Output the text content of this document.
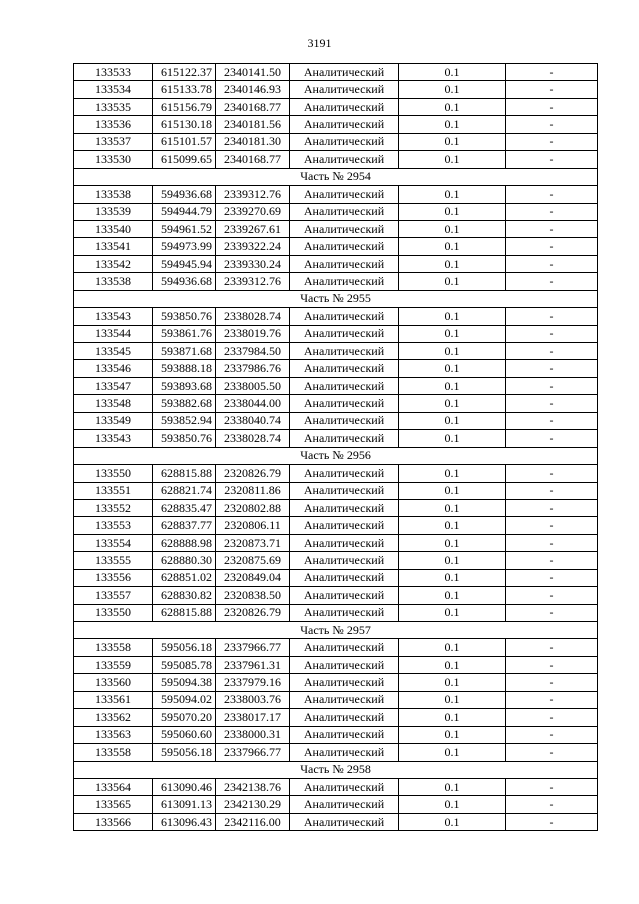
3191
133533	615122.37	2340141.50	Аналитический	0.1	-
133534	615133.78	2340146.93	Аналитический	0.1	-
133535	615156.79	2340168.77	Аналитический	0.1	-
133536	615130.18	2340181.56	Аналитический	0.1	-
133537	615101.57	2340181.30	Аналитический	0.1	-
133530	615099.65	2340168.77	Аналитический	0.1	-
Часть № 2954					
133538	594936.68	2339312.76	Аналитический	0.1	-
133539	594944.79	2339270.69	Аналитический	0.1	-
133540	594961.52	2339267.61	Аналитический	0.1	-
133541	594973.99	2339322.24	Аналитический	0.1	-
133542	594945.94	2339330.24	Аналитический	0.1	-
133538	594936.68	2339312.76	Аналитический	0.1	-
Часть № 2955					
133543	593850.76	2338028.74	Аналитический	0.1	-
133544	593861.76	2338019.76	Аналитический	0.1	-
133545	593871.68	2337984.50	Аналитический	0.1	-
133546	593888.18	2337986.76	Аналитический	0.1	-
133547	593893.68	2338005.50	Аналитический	0.1	-
133548	593882.68	2338044.00	Аналитический	0.1	-
133549	593852.94	2338040.74	Аналитический	0.1	-
133543	593850.76	2338028.74	Аналитический	0.1	-
Часть № 2956					
133550	628815.88	2320826.79	Аналитический	0.1	-
133551	628821.74	2320811.86	Аналитический	0.1	-
133552	628835.47	2320802.88	Аналитический	0.1	-
133553	628837.77	2320806.11	Аналитический	0.1	-
133554	628888.98	2320873.71	Аналитический	0.1	-
133555	628880.30	2320875.69	Аналитический	0.1	-
133556	628851.02	2320849.04	Аналитический	0.1	-
133557	628830.82	2320838.50	Аналитический	0.1	-
133550	628815.88	2320826.79	Аналитический	0.1	-
Часть № 2957					
133558	595056.18	2337966.77	Аналитический	0.1	-
133559	595085.78	2337961.31	Аналитический	0.1	-
133560	595094.38	2337979.16	Аналитический	0.1	-
133561	595094.02	2338003.76	Аналитический	0.1	-
133562	595070.20	2338017.17	Аналитический	0.1	-
133563	595060.60	2338000.31	Аналитический	0.1	-
133558	595056.18	2337966.77	Аналитический	0.1	-
Часть № 2958					
133564	613090.46	2342138.76	Аналитический	0.1	-
133565	613091.13	2342130.29	Аналитический	0.1	-
133566	613096.43	2342116.00	Аналитический	0.1	-
